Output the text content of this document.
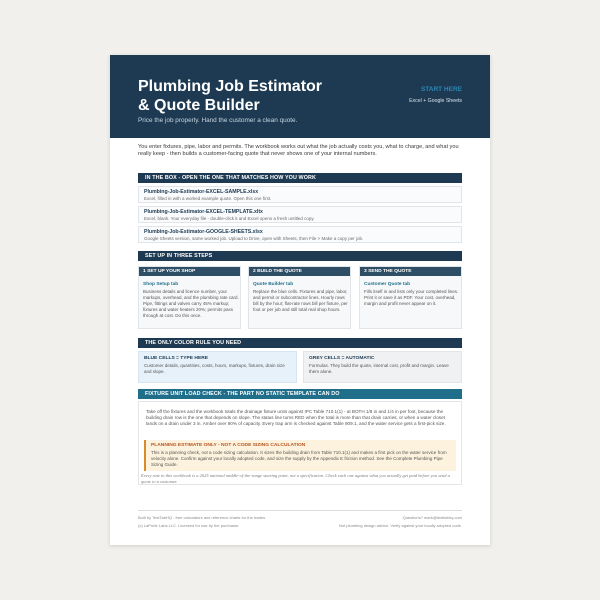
Plumbing Job Estimator
& Quote Builder
Price the job properly. Hand the customer a clean quote.
START HERE
Excel + Google Sheets
You enter fixtures, pipe, labor and permits. The workbook works out what the job actually costs you, what to charge, and what you really keep - then builds a customer-facing quote that never shows one of your internal numbers.
IN THE BOX - OPEN THE ONE THAT MATCHES HOW YOU WORK
Plumbing-Job-Estimator-EXCEL-SAMPLE.xlsx
Excel, filled in with a worked example quote. Open this one first.
Plumbing-Job-Estimator-EXCEL-TEMPLATE.xltx
Excel, blank. Your everyday file - double-click it and Excel opens a fresh untitled copy.
Plumbing-Job-Estimator-GOOGLE-SHEETS.xlsx
Google Sheets version, same worked job. Upload to Drive, open with Sheets, then File > Make a copy per job.
SET UP IN THREE STEPS
1 SET UP YOUR SHOP
Shop Setup tab
Business details and licence number, your markups, overhead, and the plumbing rate card. Pipe, fittings and valves carry 45% markup; fixtures and water heaters 20%; permits pass through at cost. Do this once.
2 BUILD THE QUOTE
Quote Builder tab
Replace the blue cells. Fixtures and pipe, labor, and permit or subcontractor lines. Hourly rows bill by the hour; flat-rate rows bill per fixture, per foot or per job and still total real shop hours.
3 SEND THE QUOTE
Customer Quote tab
Fills itself in and lists only your completed lines. Print it or save it as PDF. Your cost, overhead, margin and profit never appear on it.
THE ONLY COLOR RULE YOU NEED
BLUE CELLS = TYPE HERE
Customer details, quantities, costs, hours, markups, fixtures, drain size and slope.
GREY CELLS = AUTOMATIC
Formulas. They build the quote, internal cost, profit and margin. Leave them alone.
FIXTURE UNIT LOAD CHECK - THE PART NO STATIC TEMPLATE CAN DO
Take off the fixtures and the workbook totals the drainage fixture units against IPC Table 710.1(1) - at BOTH 1/8 in and 1/4 in per foot, because the building drain row is the one that depends on slope. The status line turns RED when the total is more than that drain carries, or when a water closet lands on a drain under 3 in. Amber over 90% of capacity. Every trap arm is checked against Table 909.1, and the water service gets a first-pick size.
PLANNING ESTIMATE ONLY - NOT A CODE SIZING CALCULATION
This is a planning check, not a code sizing calculation. It sizes the building drain from Table 710.1(1) and makes a first pick on the water service from velocity alone. Confirm against your locally adopted code, and size the supply by the Appendix E friction method. See the Complete Plumbing Pipe Sizing Guide.
Every rate in this workbook is a 2025 national middle-of-the-range starting point, not a specification. Check each one against what you actually get paid before you send a quote to a customer.
Built by TestTabHQ - free calculators and reference charts for the trades
(c) LaPorte Labs LLC. Licensed for use by the purchaser.
Questions? mark@testtabhq.com
Not plumbing design advice. Verify against your locally adopted code.
